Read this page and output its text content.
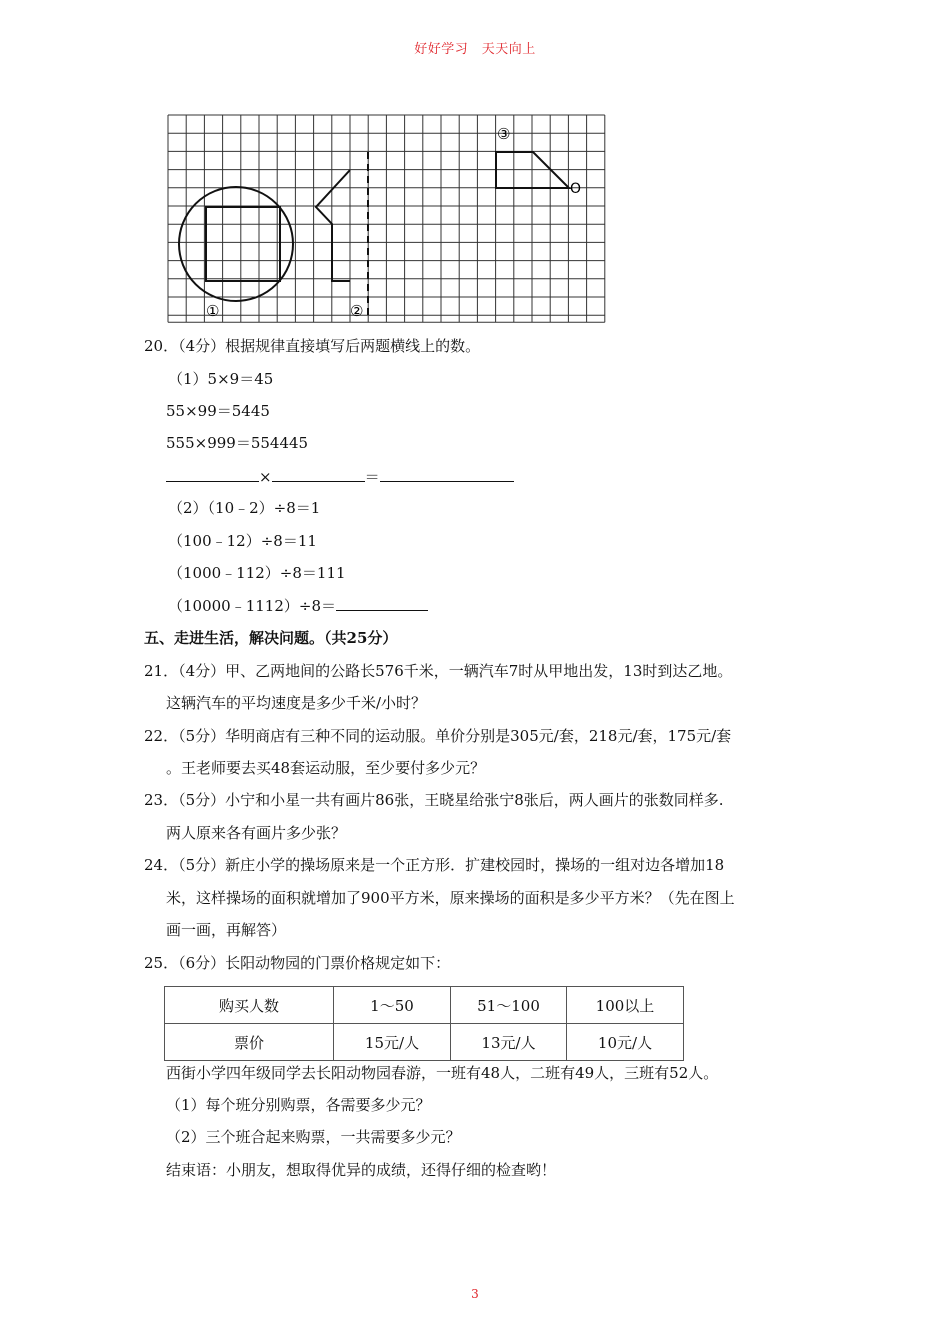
好好学习　天天向上
O
①	②
③
20．（4分）根据规律直接填写后两题横线上的数。
（1）5×9＝45
55×99＝5445
555×999＝554445
×	＝
（2）（10﹣2）÷8＝1
（100﹣12）÷8＝11
（1000﹣112）÷8＝111
（10000﹣1112）÷8＝
五、走进生活，解决问题。（共25分）
21．（4分）甲、乙两地间的公路长576千米，一辆汽车7时从甲地出发，13时到达乙地。
这辆汽车的平均速度是多少千米/小时？
22．（5分）华明商店有三种不同的运动服。单价分别是305元/套，218元/套，175元/套
。王老师要去买48套运动服，至少要付多少元？
23．（5分）小宁和小星一共有画片86张，王晓星给张宁8张后，两人画片的张数同样多.
两人原来各有画片多少张？
24．（5分）新庄小学的操场原来是一个正方形．扩建校园时，操场的一组对边各增加18
米，这样操场的面积就增加了900平方米，原来操场的面积是多少平方米？（先在图上
画一画，再解答）
25．（6分）长阳动物园的门票价格规定如下：
购买人数	1～50	51～100	100以上
票价	15元/人	13元/人	10元/人
西街小学四年级同学去长阳动物园春游，一班有48人，二班有49人，三班有52人。
（1）每个班分别购票，各需要多少元？
（2）三个班合起来购票，一共需要多少元？
结束语：小朋友，想取得优异的成绩，还得仔细的检查哟！
3
